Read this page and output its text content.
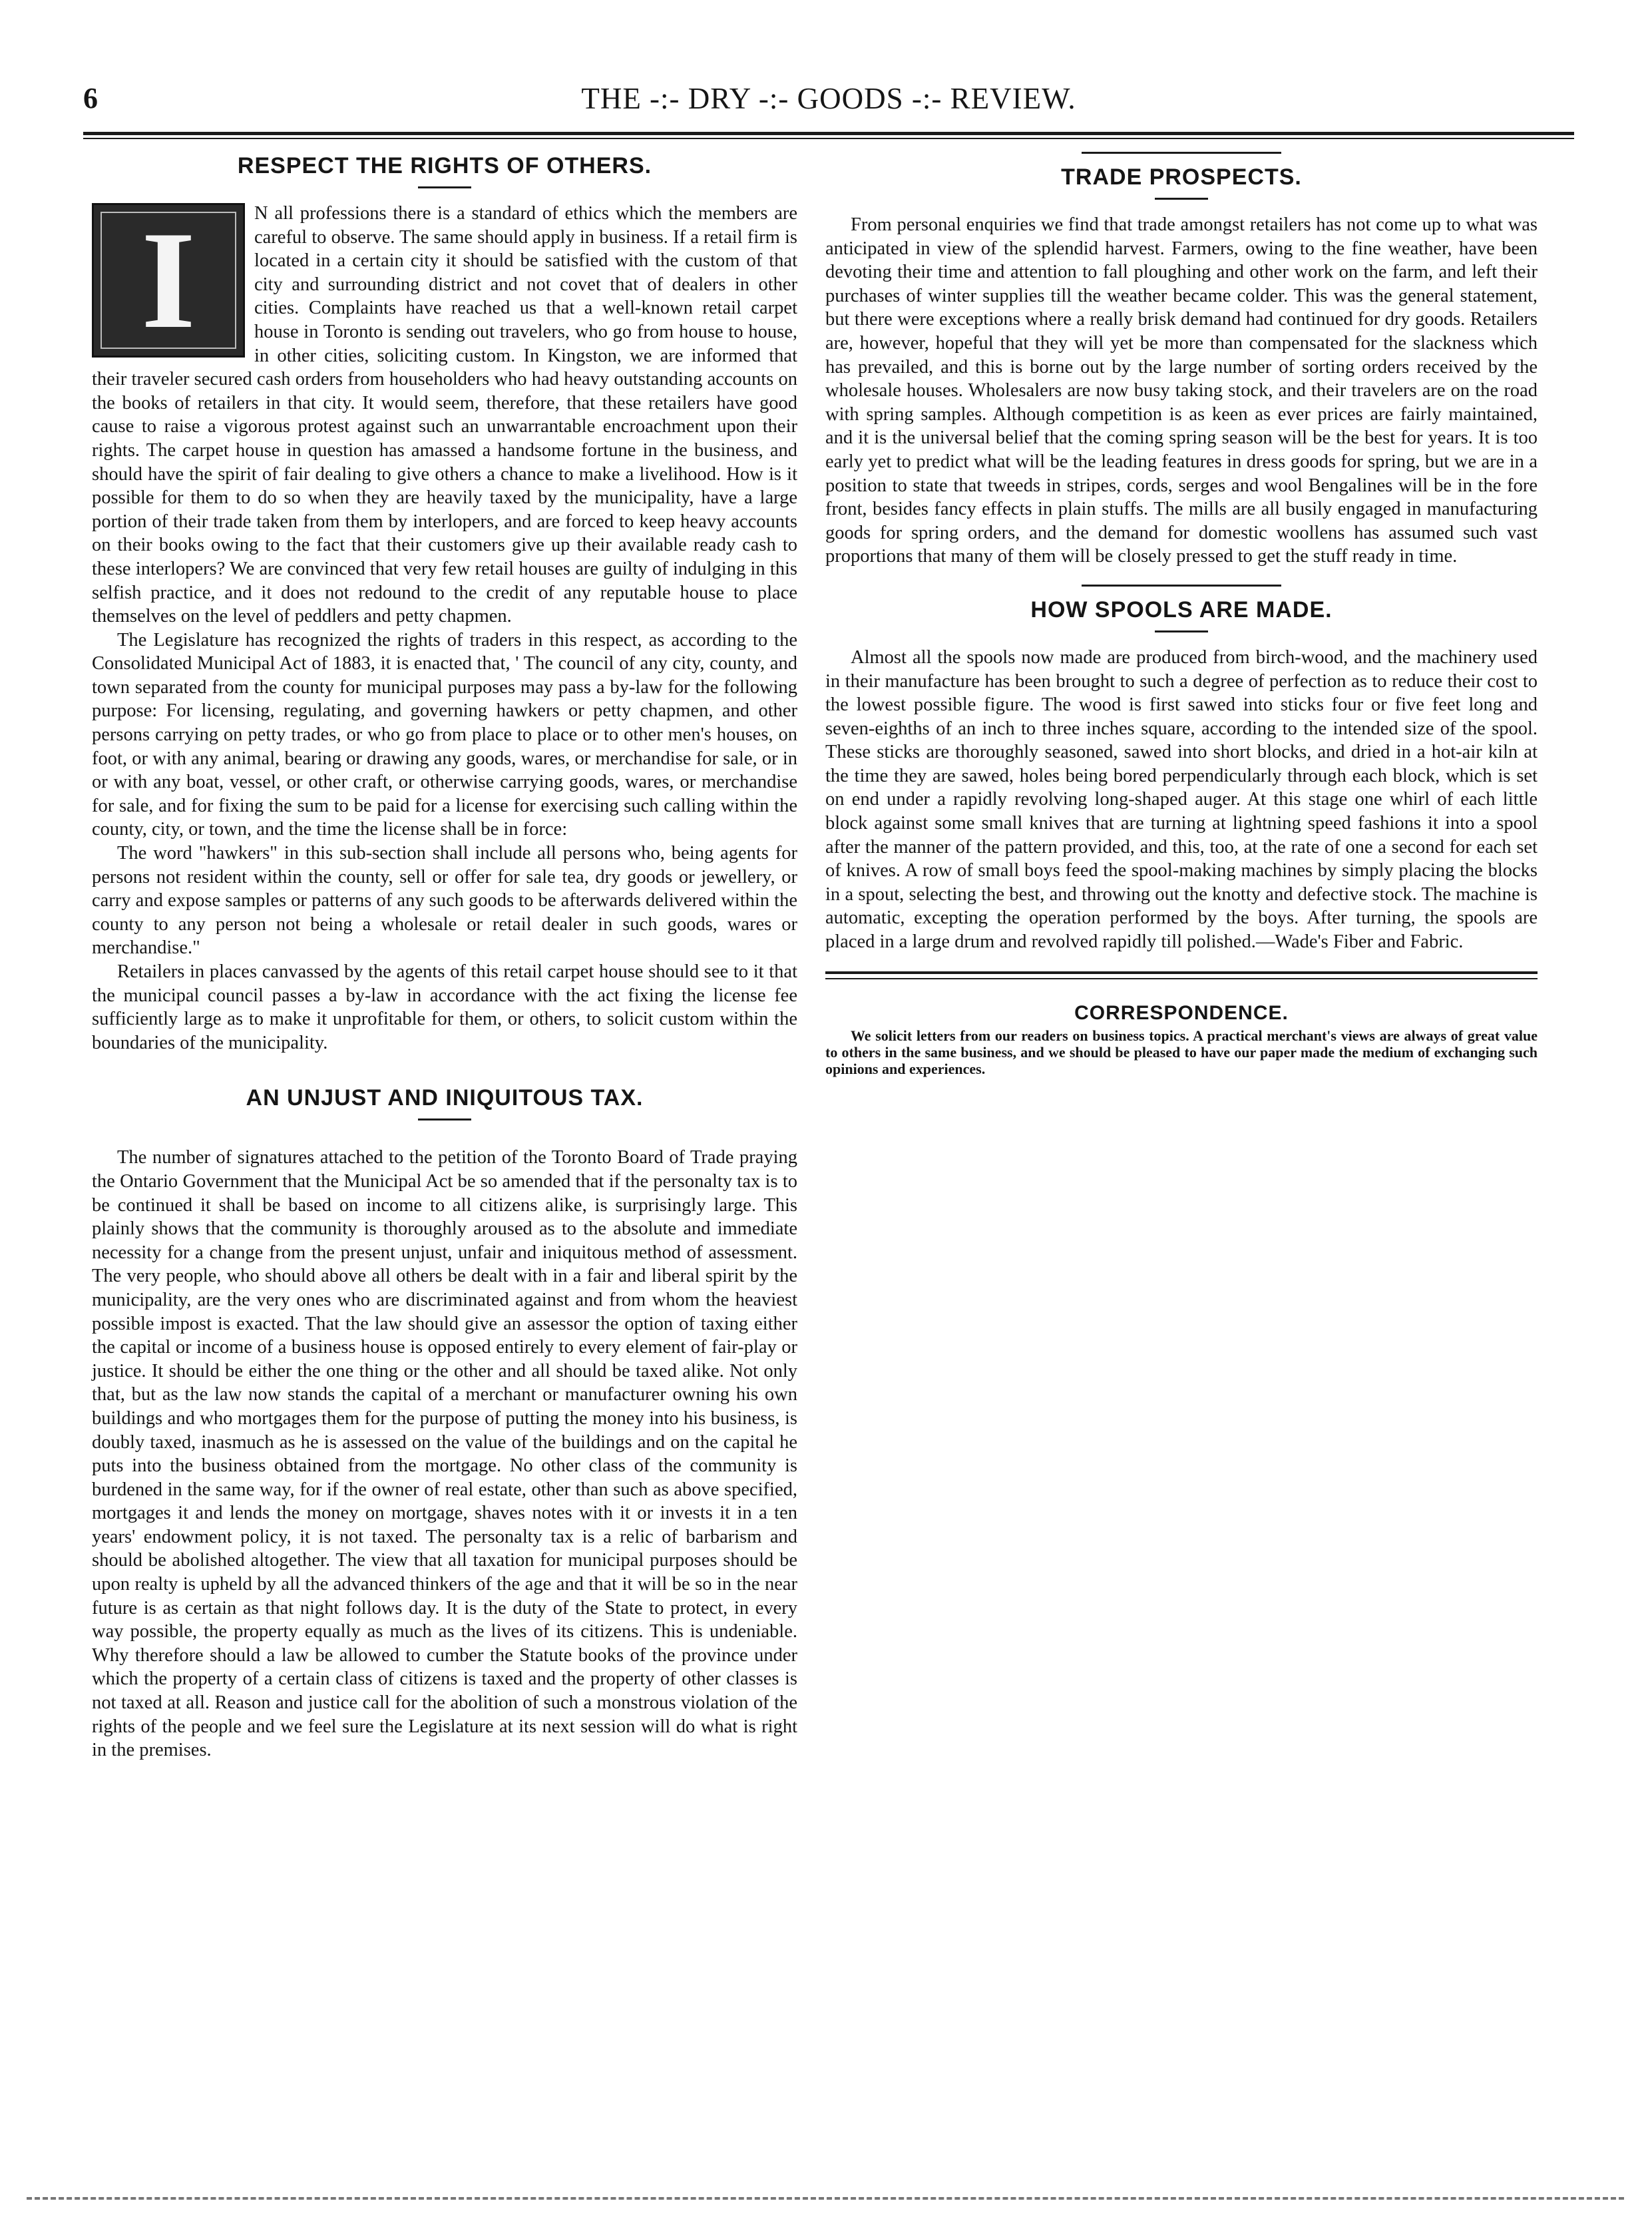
6	THE -:- DRY -:- GOODS -:- REVIEW.
RESPECT THE RIGHTS OF OTHERS.
I	N all professions there is a standard of ethics which the members are careful to observe. The same should apply in business. If a retail firm is located in a certain city it should be satisfied with the custom of that city and surrounding district and not covet that of dealers in other cities. Complaints have reached us that a well-known retail carpet house in Toronto is sending out travelers, who go from house to house, in other cities, soliciting custom. In Kingston, we are informed that their traveler secured cash orders from householders who had heavy outstanding accounts on the books of retailers in that city. It would seem, therefore, that these retailers have good cause to raise a vigorous protest against such an unwarrantable encroachment upon their rights. The carpet house in question has amassed a handsome fortune in the business, and should have the spirit of fair dealing to give others a chance to make a livelihood. How is it possible for them to do so when they are heavily taxed by the municipality, have a large portion of their trade taken from them by interlopers, and are forced to keep heavy accounts on their books owing to the fact that their customers give up their available ready cash to these interlopers? We are convinced that very few retail houses are guilty of indulging in this selfish practice, and it does not redound to the credit of any reputable house to place themselves on the level of peddlers and petty chapmen.

The Legislature has recognized the rights of traders in this respect, as according to the Consolidated Municipal Act of 1883, it is enacted that, ' The council of any city, county, and town separated from the county for municipal purposes may pass a by-law for the following purpose: For licensing, regulating, and governing hawkers or petty chapmen, and other persons carrying on petty trades, or who go from place to place or to other men's houses, on foot, or with any animal, bearing or drawing any goods, wares, or merchandise for sale, or in or with any boat, vessel, or other craft, or otherwise carrying goods, wares, or merchandise for sale, and for fixing the sum to be paid for a license for exercising such calling within the county, city, or town, and the time the license shall be in force:

The word "hawkers" in this sub-section shall include all persons who, being agents for persons not resident within the county, sell or offer for sale tea, dry goods or jewellery, or carry and expose samples or patterns of any such goods to be afterwards delivered within the county to any person not being a wholesale or retail dealer in such goods, wares or merchandise."

Retailers in places canvassed by the agents of this retail carpet house should see to it that the municipal council passes a by-law in accordance with the act fixing the license fee sufficiently large as to make it unprofitable for them, or others, to solicit custom within the boundaries of the municipality.

AN UNJUST AND INIQUITOUS TAX.

The number of signatures attached to the petition of the Toronto Board of Trade praying the Ontario Government that the Municipal Act be so amended that if the personalty tax is to be continued it shall be based on income to all citizens alike, is surprisingly large. This plainly shows that the community is thoroughly aroused as to the absolute and immediate necessity for a change from the present unjust, unfair and iniquitous method of assessment. The very people, who should above all others be dealt with in a fair and liberal spirit by the municipality, are the very ones who are discriminated against and from whom the heaviest possible impost is exacted. That the law should give an assessor the option of taxing either the capital or income of a business house is opposed entirely to every element of fair-play or justice. It should be either the one thing or the other and all should be taxed alike. Not only that, but as the law now stands the capital of a merchant or manufacturer owning his own buildings and who mortgages them for the purpose of putting the money into his business, is doubly taxed, inasmuch as he is assessed on the value of the buildings and on the capital he puts into the business obtained from the mortgage. No other class of the community is burdened in the same way, for if the owner of real estate, other than such as above specified, mortgages it and lends the money on mortgage, shaves notes with it or invests it in a ten years' endowment policy, it is not taxed. The personalty tax is a relic of barbarism and should be abolished altogether. The view that all taxation for municipal purposes should be upon realty is upheld by all the advanced thinkers of the age and that it will be so in the near future is as certain as that night follows day. It is the duty of the State to protect, in every way possible, the property equally as much as the lives of its citizens. This is undeniable. Why therefore should a law be allowed to cumber the Statute books of the province under which the property of a certain class of citizens is taxed and the property of other classes is not taxed at all. Reason and justice call for the abolition of such a monstrous violation of the rights of the people and we feel sure the Legislature at its next session will do what is right in the premises.

TRADE PROSPECTS.

From personal enquiries we find that trade amongst retailers has not come up to what was anticipated in view of the splendid harvest. Farmers, owing to the fine weather, have been devoting their time and attention to fall ploughing and other work on the farm, and left their purchases of winter supplies till the weather became colder. This was the general statement, but there were exceptions where a really brisk demand had continued for dry goods. Retailers are, however, hopeful that they will yet be more than compensated for the slackness which has prevailed, and this is borne out by the large number of sorting orders received by the wholesale houses. Wholesalers are now busy taking stock, and their travelers are on the road with spring samples. Although competition is as keen as ever prices are fairly maintained, and it is the universal belief that the coming spring season will be the best for years. It is too early yet to predict what will be the leading features in dress goods for spring, but we are in a position to state that tweeds in stripes, cords, serges and wool Bengalines will be in the fore front, besides fancy effects in plain stuffs. The mills are all busily engaged in manufacturing goods for spring orders, and the demand for domestic woollens has assumed such vast proportions that many of them will be closely pressed to get the stuff ready in time.

HOW SPOOLS ARE MADE.

Almost all the spools now made are produced from birch-wood, and the machinery used in their manufacture has been brought to such a degree of perfection as to reduce their cost to the lowest possible figure. The wood is first sawed into sticks four or five feet long and seven-eighths of an inch to three inches square, according to the intended size of the spool. These sticks are thoroughly seasoned, sawed into short blocks, and dried in a hot-air kiln at the time they are sawed, holes being bored perpendicularly through each block, which is set on end under a rapidly revolving long-shaped auger. At this stage one whirl of each little block against some small knives that are turning at lightning speed fashions it into a spool after the manner of the pattern provided, and this, too, at the rate of one a second for each set of knives. A row of small boys feed the spool-making machines by simply placing the blocks in a spout, selecting the best, and throwing out the knotty and defective stock. The machine is automatic, excepting the operation performed by the boys. After turning, the spools are placed in a large drum and revolved rapidly till polished.—Wade's Fiber and Fabric.

CORRESPONDENCE.

We solicit letters from our readers on business topics. A practical merchant's views are always of great value to others in the same business, and we should be pleased to have our paper made the medium of exchanging such opinions and experiences.
